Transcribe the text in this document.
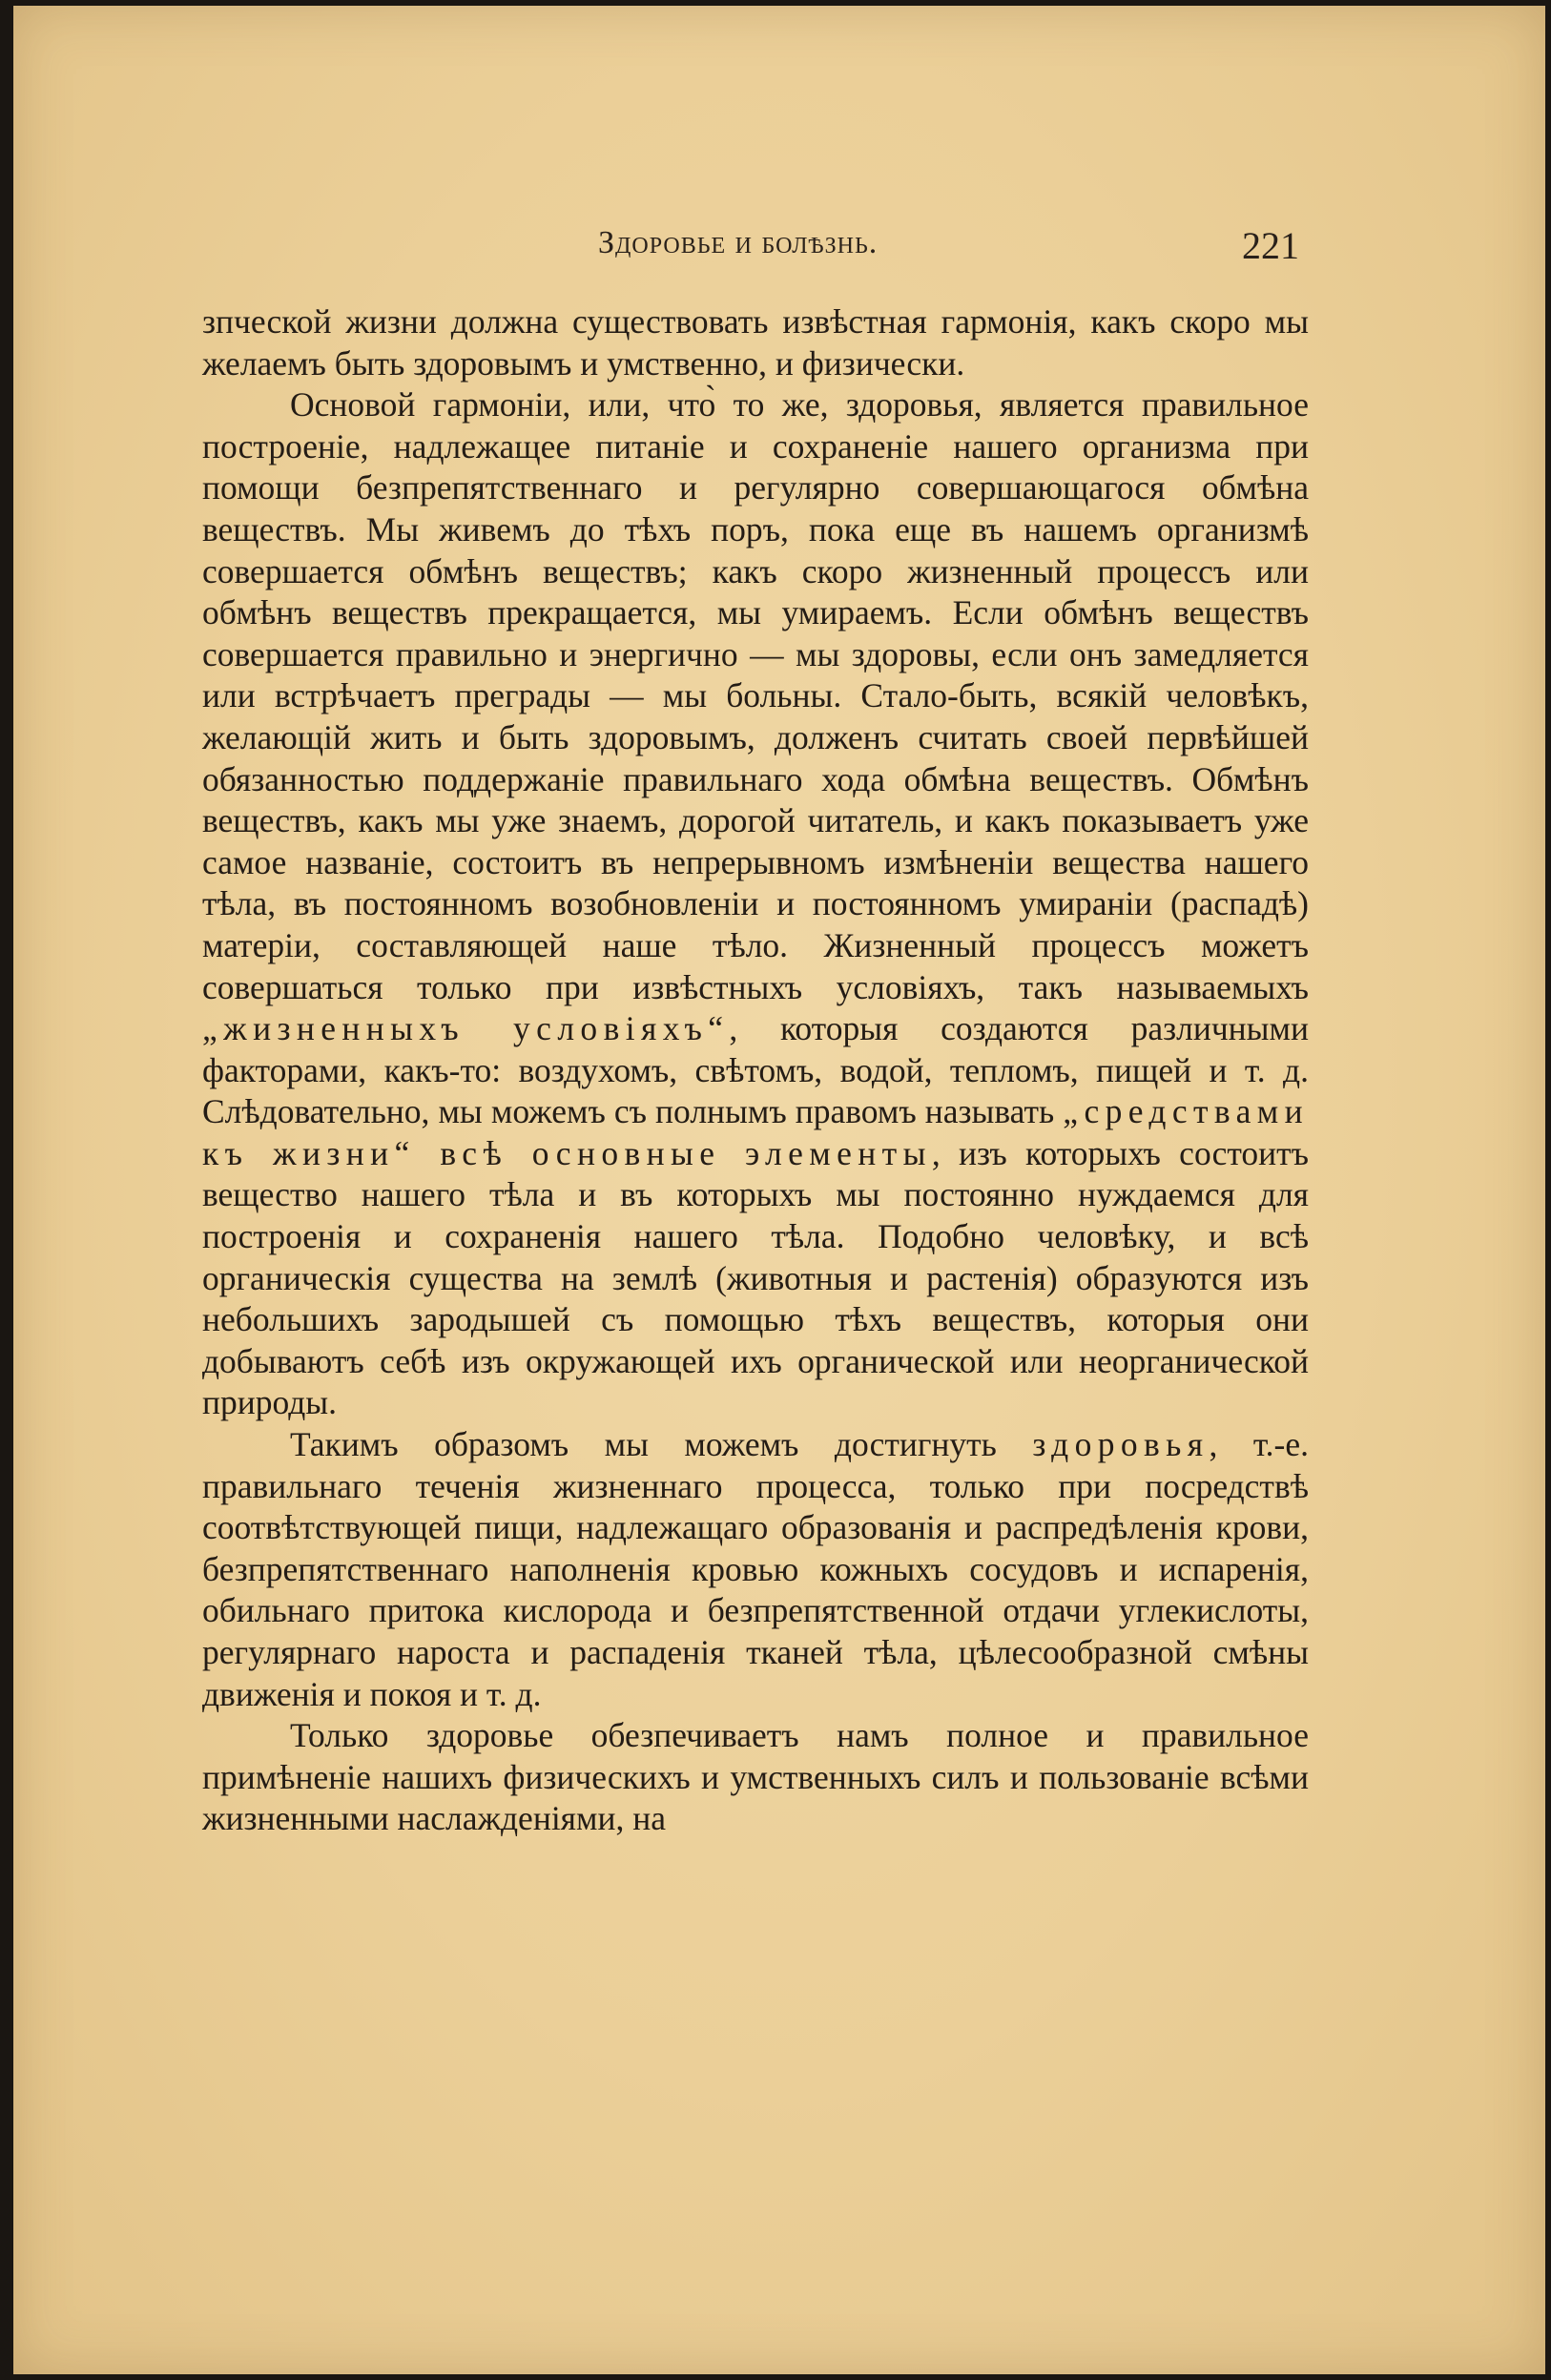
Здоровье и болѣзнь.	221

зпческой жизни должна существовать извѣстная гармонія, какъ скоро мы желаемъ быть здоровымъ и умственно, и физически.

Основой гармоніи, или, что̀ то же, здоровья, является правильное построеніе, надлежащее питаніе и сохраненіе нашего организма при помощи безпрепятственнаго и регулярно совершающагося обмѣна веществъ. Мы живемъ до тѣхъ поръ, пока еще въ нашемъ организмѣ совершается обмѣнъ веществъ; какъ скоро жизненный процессъ или обмѣнъ веществъ прекращается, мы умираемъ. Если обмѣнъ веществъ совершается правильно и энергично — мы здоровы, если онъ замедляется или встрѣчаетъ преграды — мы больны. Стало-быть, всякій человѣкъ, желающій жить и быть здоровымъ, долженъ считать своей первѣйшей обязанностью поддержаніе правильнаго хода обмѣна веществъ. Обмѣнъ веществъ, какъ мы уже знаемъ, дорогой читатель, и какъ показываетъ уже самое названіе, состоитъ въ непрерывномъ измѣненіи вещества нашего тѣла, въ постоянномъ возобновленіи и постоянномъ умираніи (распадѣ) матеріи, составляющей наше тѣло. Жизненный процессъ можетъ совершаться только при извѣстныхъ условіяхъ, такъ называемыхъ „жизненныхъ условіяхъ“, которыя создаются различными факторами, какъ-то: воздухомъ, свѣтомъ, водой, тепломъ, пищей и т. д. Слѣдовательно, мы можемъ съ полнымъ правомъ называть „средствами къ жизни“ всѣ основные элементы, изъ которыхъ состоитъ вещество нашего тѣла и въ которыхъ мы постоянно нуждаемся для построенія и сохраненія нашего тѣла. Подобно человѣку, и всѣ органическія существа на землѣ (животныя и растенія) образуются изъ небольшихъ зародышей съ помощью тѣхъ веществъ, которыя они добываютъ себѣ изъ окружающей ихъ органической или неорганической природы.

Такимъ образомъ мы можемъ достигнуть здоровья, т.-е. правильнаго теченія жизненнаго процесса, только при посредствѣ соотвѣтствующей пищи, надлежащаго образованія и распредѣленія крови, безпрепятственнаго наполненія кровью кожныхъ сосудовъ и испаренія, обильнаго притока кислорода и безпрепятственной отдачи углекислоты, регулярнаго нароста и распаденія тканей тѣла, цѣлесообразной смѣны движенія и покоя и т. д.

Только здоровье обезпечиваетъ намъ полное и правильное примѣненіе нашихъ физическихъ и умственныхъ силъ и пользованіе всѣми жизненными наслажденіями, на
